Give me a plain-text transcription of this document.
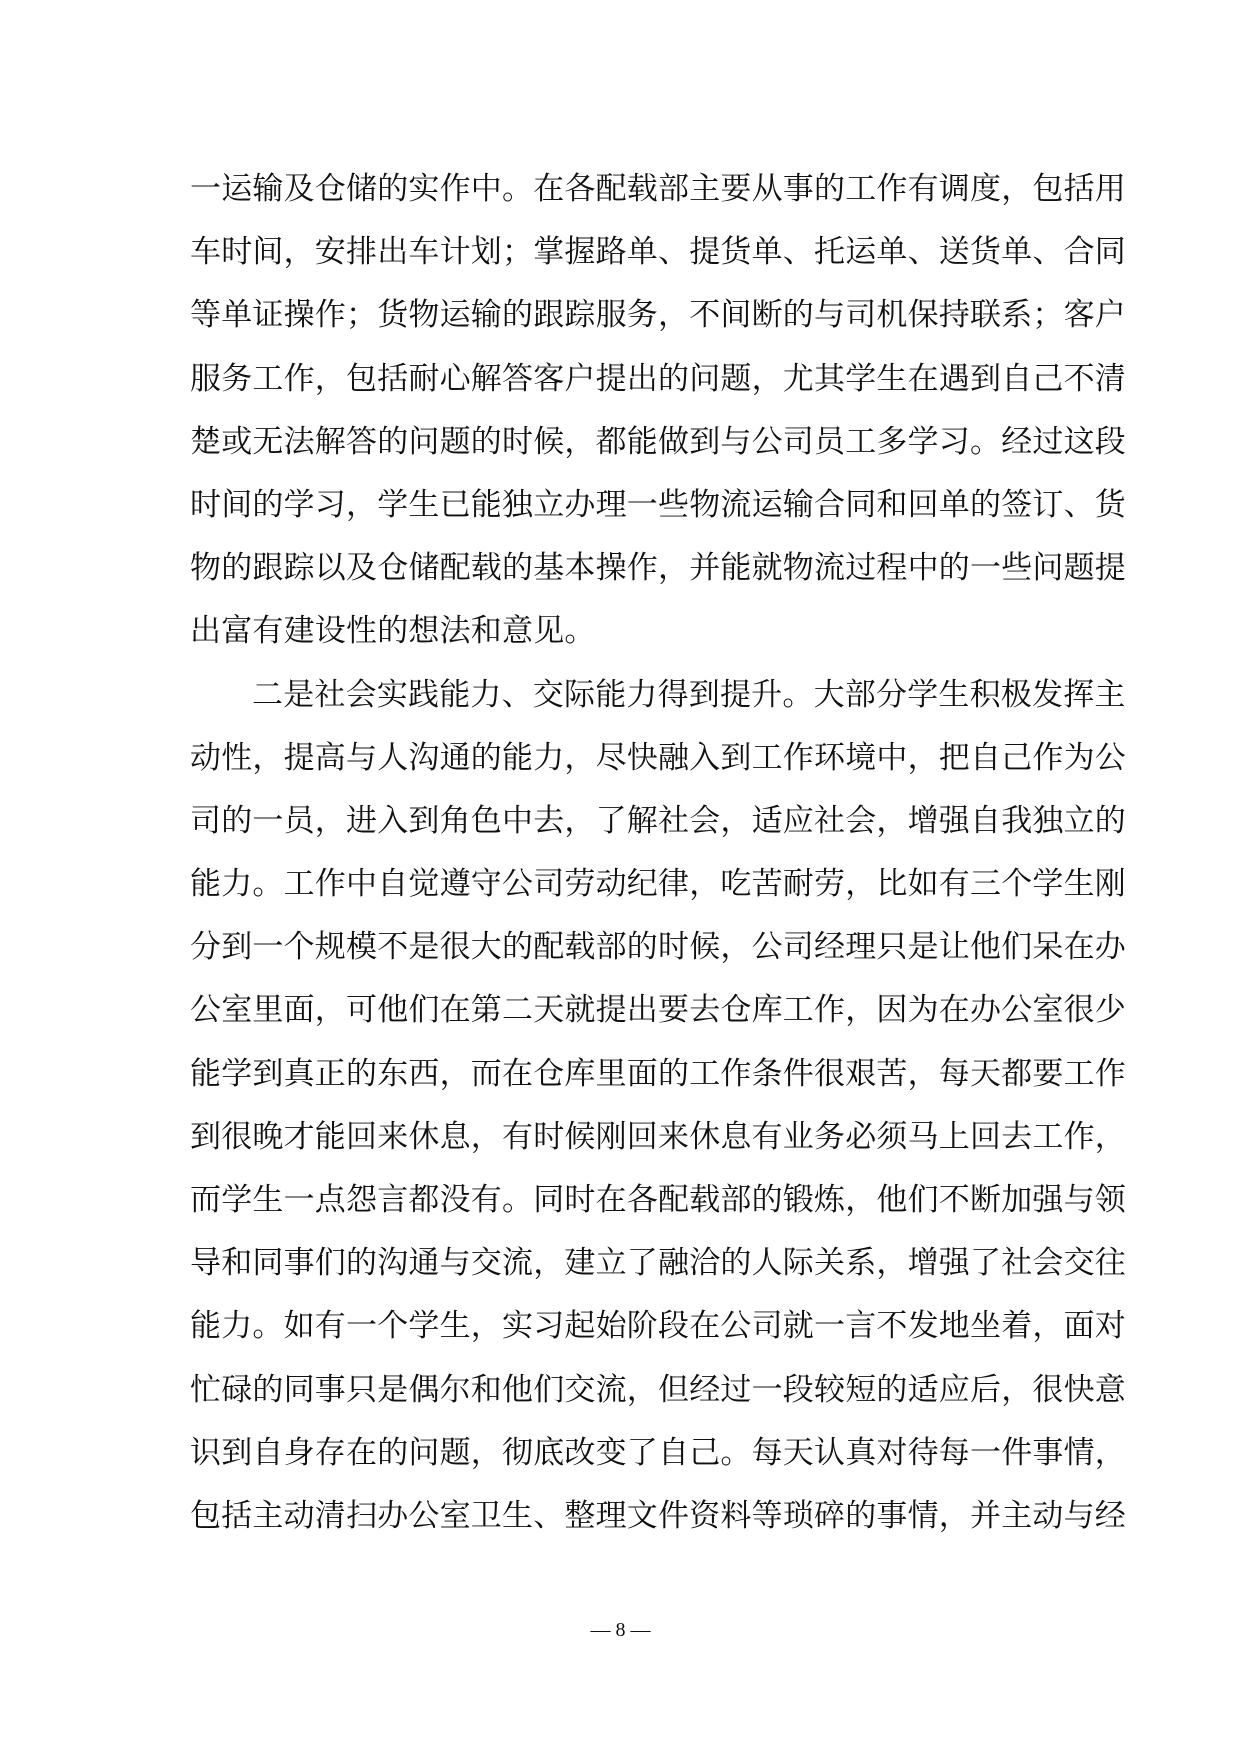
一运输及仓储的实作中。在各配载部主要从事的工作有调度，包括用
车时间，安排出车计划；掌握路单、提货单、托运单、送货单、合同
等单证操作；货物运输的跟踪服务，不间断的与司机保持联系；客户
服务工作，包括耐心解答客户提出的问题，尤其学生在遇到自己不清
楚或无法解答的问题的时候，都能做到与公司员工多学习。经过这段
时间的学习，学生已能独立办理一些物流运输合同和回单的签订、货
物的跟踪以及仓储配载的基本操作，并能就物流过程中的一些问题提
出富有建设性的想法和意见。
二是社会实践能力、交际能力得到提升。大部分学生积极发挥主
动性，提高与人沟通的能力，尽快融入到工作环境中，把自己作为公
司的一员，进入到角色中去，了解社会，适应社会，增强自我独立的
能力。工作中自觉遵守公司劳动纪律，吃苦耐劳，比如有三个学生刚
分到一个规模不是很大的配载部的时候，公司经理只是让他们呆在办
公室里面，可他们在第二天就提出要去仓库工作，因为在办公室很少
能学到真正的东西，而在仓库里面的工作条件很艰苦，每天都要工作
到很晚才能回来休息，有时候刚回来休息有业务必须马上回去工作，
而学生一点怨言都没有。同时在各配载部的锻炼，他们不断加强与领
导和同事们的沟通与交流，建立了融洽的人际关系，增强了社会交往
能力。如有一个学生，实习起始阶段在公司就一言不发地坐着，面对
忙碌的同事只是偶尔和他们交流，但经过一段较短的适应后，很快意
识到自身存在的问题，彻底改变了自己。每天认真对待每一件事情，
包括主动清扫办公室卫生、整理文件资料等琐碎的事情，并主动与经
— 8 —
